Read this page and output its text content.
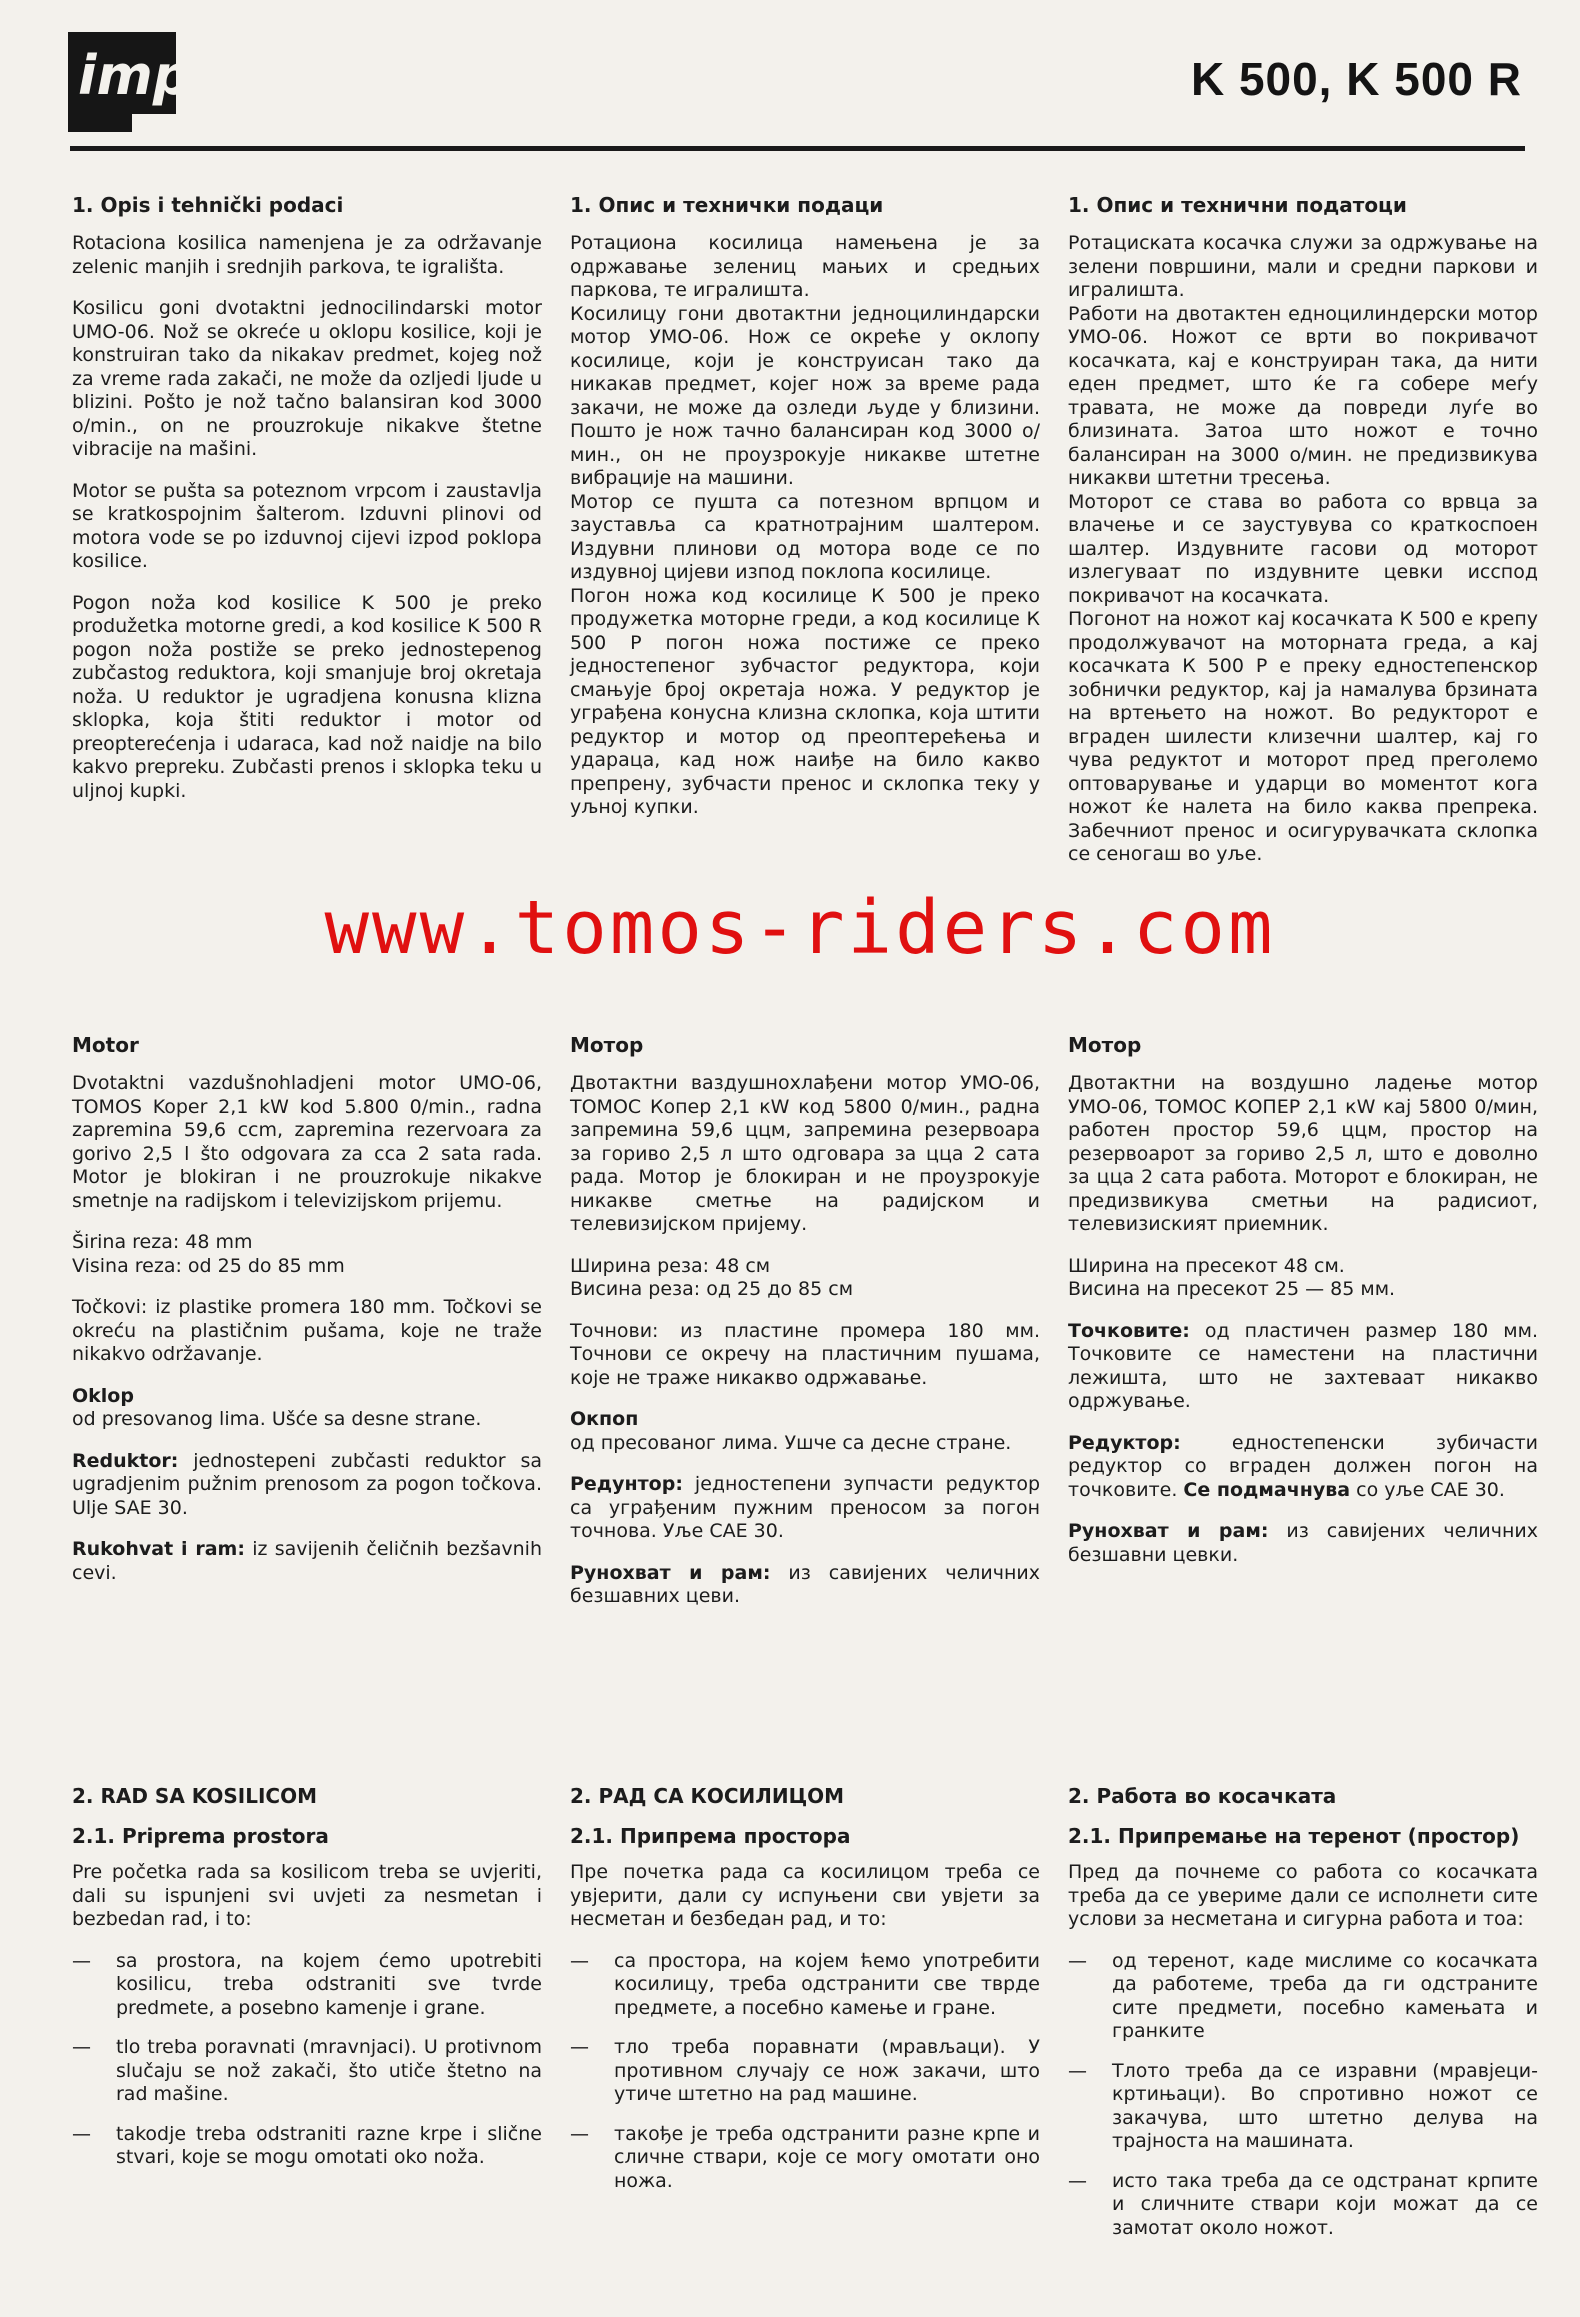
imp	K 500, K 500 R
1. Opis i tehnički podaci

Rotaciona kosilica namenjena je za održavanje zelenic manjih i srednjih parkova, te igrališta.

Kosilicu goni dvotaktni jednocilindarski motor UMO-06. Nož se okreće u oklopu kosilice, koji je konstruiran tako da nikakav predmet, kojeg nož za vreme rada zakači, ne može da ozljedi ljude u blizini. Pošto je nož tačno balansiran kod 3000 o/min., on ne prouzrokuje nikakve štetne vibracije na mašini.

Motor se pušta sa poteznom vrpcom i zaustavlja se kratkospojnim šalterom. Izduvni plinovi od motora vode se po izduvnoj cijevi izpod poklopa kosilice.

Pogon noža kod kosilice K 500 je preko produžetka motorne gredi, a kod kosilice K 500 R pogon noža postiže se preko jednostepenog zubčastog reduktora, koji smanjuje broj okretaja noža. U reduktor je ugradjena konusna klizna sklopka, koja štiti reduktor i motor od preopterećenja i udaraca, kad nož naidje na bilo kakvo prepreku. Zubčasti prenos i sklopka teku u uljnoj kupki.

1. Опис и технички подаци

Ротациона косилица намењена је за одржавање зелениц мањих и средњих паркова, те игралишта.
Косилицу гони двотактни једноцилиндарски мотор УМО-06. Нож се окреће у оклопу косилице, који је конструисан тако да никакав предмет, којег нож за време рада закачи, не може да озледи људе у близини. Пошто је нож тачно балансиран код 3000 о/мин., он не проузрокује никакве штетне вибрације на машини.
Мотор се пушта са потезном врпцом и зауставља са кратнотрајним шалтером. Издувни плинови од мотора воде се по издувној цијеви изпод поклопа косилице.
Погон ножа код косилице К 500 је преко продужетка моторне греди, а код косилице К 500 Р погон ножа постиже се преко једностепеног зубчастог редуктора, који смањује број окретаја ножа. У редуктор је уграђена конусна клизна склопка, која штити редуктор и мотор од преоптерећења и удараца, кад нож наиђе на било какво препрену, зубчасти пренос и склопка теку у уљној купки.

1. Опис и технични податоци

Ротациската косачка служи за одржување на зелени површини, мали и средни паркови и игралишта.
Работи на двотактен едноцилиндерски мотор УМО-06. Ножот се врти во покривачот косачката, кај е конструиран така, да нити еден предмет, што ќе га собере меѓу травата, не може да повреди луѓе во близината. Затоа што ножот е точно балансиран на 3000 о/мин. не предизвикува никакви штетни тресења.
Моторот се става во работа со врвца за влачење и се заустувува со краткоспоен шалтер. Издувните гасови од моторот излегуваат по издувните цевки исспод покривачот на косачката.
Погонот на ножот кај косачката К 500 е крепу продолжувачот на моторната греда, а кај косачката К 500 Р е преку едностепенскор зобнички редуктор, кај ја намалува брзината на вртењето на ножот. Во редукторот е вграден шилести клизечни шалтер, кај го чува редуктот и моторот пред преголемо оптоварување и ударци во моментот кога ножот ќе налета на било каква препрека. Забечниот пренос и осигурувачката склопка се сеногаш во уље.

www.tomos-riders.com
Motor

Dvotaktni vazdušnohladjeni motor UMO-06, TOMOS Koper 2,1 kW kod 5.800 0/min., radna zapremina 59,6 ccm, zapremina rezervoara za gorivo 2,5 l što odgovara za cca 2 sata rada. Motor je blokiran i ne prouzrokuje nikakve smetnje na radijskom i televizijskom prijemu.

Širina reza: 48 mm
Visina reza: od 25 do 85 mm

Točkovi: iz plastike promera 180 mm. Točkovi se okreću na plastičnim pušama, koje ne traže nikakvo održavanje.

Oklop

od presovanog lima. Ušće sa desne strane.

Reduktor: jednostepeni zubčasti reduktor sa ugradjenim pužnim prenosom za pogon točkova. Ulje SAE 30.

Rukohvat i ram: iz savijenih čeličnih bezšavnih cevi.

Мотор

Двотактни ваздушнохлађени мотор УМО-06, ТОМОС Копер 2,1 кW код 5800 0/мин., радна запремина 59,6 ццм, запремина резервоара за гориво 2,5 л што одговара за цца 2 сата рада. Мотор је блокиран и не проузрокује никакве сметње на радијском и телевизијском пријему.

Ширина реза: 48 см
Висина реза: од 25 до 85 см

Точнови: из пластине промера 180 мм. Точнови се окречу на пластичним пушама, које не траже никакво одржавање.

Окпоп

од пресованог лима. Ушче са десне стране.

Редунтор: једностепени зупчасти редуктор са уграђеним пужним преносом за погон точнова. Уље САЕ 30.

Рунохват и рам: из савијених челичних безшавних цеви.

Мотор

Двотактни на воздушно ладење мотор УМО-06, ТОМОС КОПЕР 2,1 кW кај 5800 0/мин, работен простор 59,6 ццм, простор на резервоарот за гориво 2,5 л, што е доволно за цца 2 сата работа. Моторот е блокиран, не предизвикува сметњи на радисиот, телевизиският приемник.

Ширина на пресекот 48 см.
Висина на пресекот 25 — 85 мм.

Точковите: од пластичен размер 180 мм. Точковите се наместени на пластични лежишта, што не захтеваат никакво одржување.

Редуктор: едностепенски зубичасти редуктор со вграден должен погон на точковите. Се подмачнува со уље САЕ 30.

Рунохват и рам: из савијених челичних безшавни цевки.

2. RAD SA KOSILICOM
2.1. Priprema prostora

Pre početka rada sa kosilicom treba se uvjeriti, dali su ispunjeni svi uvjeti za nesmetan i bezbedan rad, i to:

—	sa prostora, na kojem ćemo upotrebiti kosilicu, treba odstraniti sve tvrde predmete, a posebno kamenje i grane.
—	tlo treba poravnati (mravnjaci). U protivnom slučaju se nož zakači, što utiče štetno na rad mašine.
—	takodje treba odstraniti razne krpe i slične stvari, koje se mogu omotati oko noža.
2. РАД СА КОСИЛИЦОМ
2.1. Припрема простора

Пре почетка рада са косилицом треба се увјерити, дали су испуњени сви увјети за несметан и безбедан рад, и то:

—	са простора, на којем ћемо употребити косилицу, треба одстранити све тврде предмете, а посебно камење и гране.
—	тло треба поравнати (мрављаци). У противном случају се нож закачи, што утиче штетно на рад машине.
—	такође је треба одстранити разне крпе и сличне ствари, које се могу омотати оно ножа.
2. Работа во косачката
2.1. Припремање на теренот (простор)

Пред да почнеме со работа со косачката треба да се увериме дали се исполнети сите услови за несметана и сигурна работа и тоа:

—	од теренот, каде мислиме со косачката да работеме, треба да ги одстраните сите предмети, посебно камењата и гранките
—	Тлото треба да се изравни (мравјеци-кртињаци). Во спротивно ножот се закачува, што штетно делува на трајноста на машината.
—	исто така треба да се одстранат крпите и сличните ствари који можат да се замотат около ножот.
